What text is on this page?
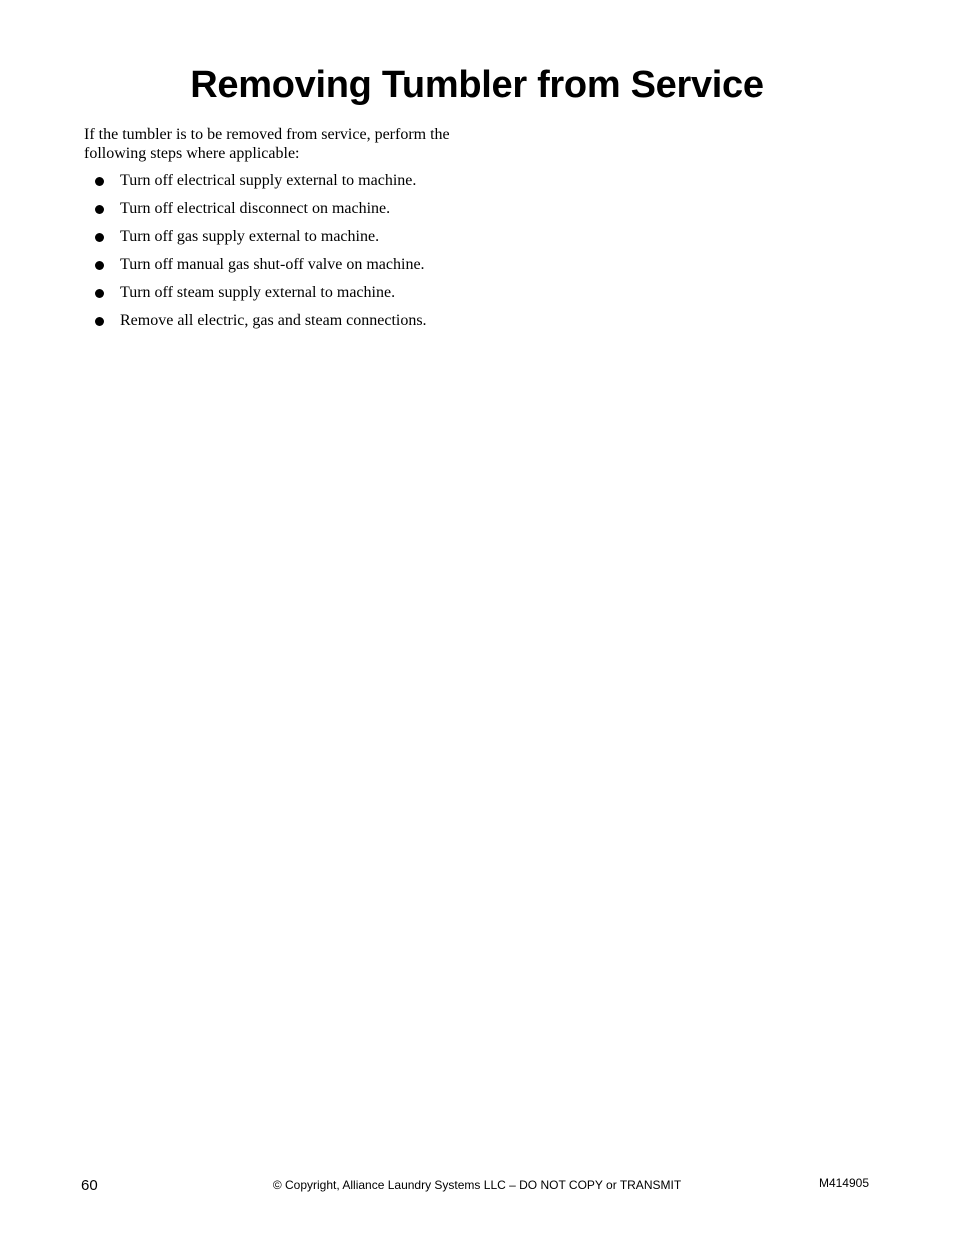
Removing Tumbler from Service

If the tumbler is to be removed from service, perform the following steps where applicable:

Turn off electrical supply external to machine.
Turn off electrical disconnect on machine.
Turn off gas supply external to machine.
Turn off manual gas shut-off valve on machine.
Turn off steam supply external to machine.
Remove all electric, gas and steam connections.
60	© Copyright, Alliance Laundry Systems LLC – DO NOT COPY or TRANSMIT	M414905
